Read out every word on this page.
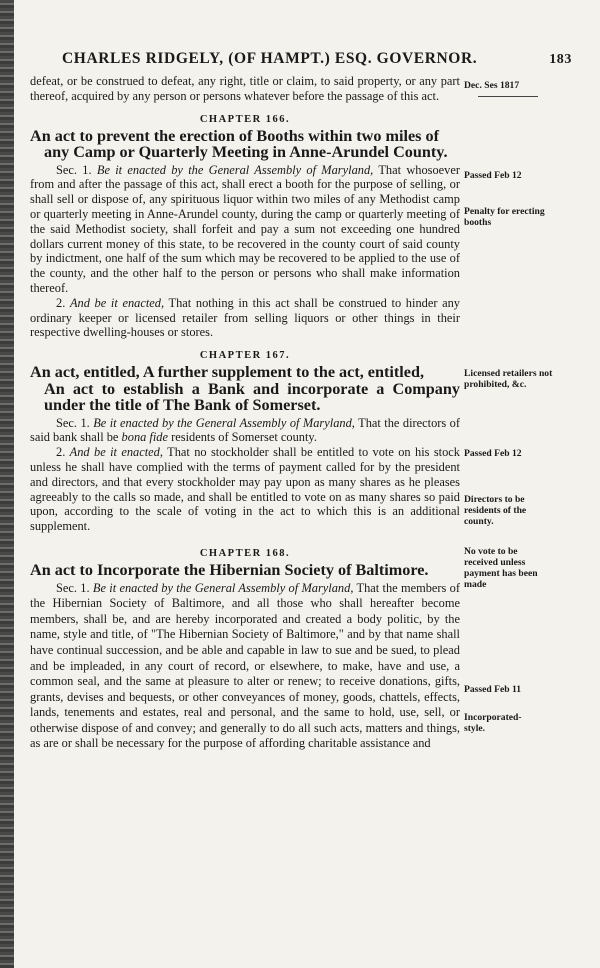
CHARLES RIDGELY, (OF HAMPT.) ESQ. GOVERNOR.	183
Dec. Ses 1817
Passed Feb 12
Penalty for erecting booths
Licensed retailers not prohibited, &c.
Passed Feb 12
Directors to be residents of the county.
No vote to be received unless payment has been made
Passed Feb 11
Incorporated-style.

defeat, or be construed to defeat, any right, title or claim, to said property, or any part thereof, acquired by any person or persons whatever before the passage of this act.

CHAPTER 166.
An act to prevent the erection of Booths within two miles of
any Camp or Quarterly Meeting in Anne-Arundel County.

Sec. 1. Be it enacted by the General Assembly of Maryland, That whosoever from and after the passage of this act, shall erect a booth for the purpose of selling, or shall sell or dispose of, any spirituous liquor within two miles of any Methodist camp or quarterly meeting in Anne-Arundel county, during the camp or quarterly meeting of the said Methodist society, shall forfeit and pay a sum not exceeding one hundred dollars current money of this state, to be recovered in the county court of said county by indictment, one half of the sum which may be recovered to be applied to the use of the county, and the other half to the person or persons who shall make information thereof.

2. And be it enacted, That nothing in this act shall be construed to hinder any ordinary keeper or licensed retailer from selling liquors or other things in their respective dwelling-houses or stores.

CHAPTER 167.
An act, entitled, A further supplement to the act, entitled,
An act to establish a Bank and incorporate a Company under the title of The Bank of Somerset.

Sec. 1. Be it enacted by the General Assembly of Maryland, That the directors of said bank shall be bona fide residents of Somerset county.

2. And be it enacted, That no stockholder shall be entitled to vote on his stock unless he shall have complied with the terms of payment called for by the president and directors, and that every stockholder may pay upon as many shares as he pleases agreeably to the calls so made, and shall be entitled to vote on as many shares so paid upon, according to the scale of voting in the act to which this is an additional supplement.

CHAPTER 168.
An act to Incorporate the Hibernian Society of Baltimore.

Sec. 1. Be it enacted by the General Assembly of Maryland, That the members of the Hibernian Society of Baltimore, and all those who shall hereafter become members, shall be, and are hereby incorporated and created a body politic, by the name, style and title, of "The Hibernian Society of Baltimore," and by that name shall have continual succession, and be able and capable in law to sue and be sued, to plead and be impleaded, in any court of record, or elsewhere, to make, have and use, a common seal, and the same at pleasure to alter or renew; to receive donations, gifts, grants, devises and bequests, or other conveyances of money, goods, chattels, effects, lands, tenements and estates, real and personal, and the same to hold, use, sell, or otherwise dispose of and convey; and generally to do all such acts, matters and things, as are or shall be necessary for the purpose of affording charitable assistance and
